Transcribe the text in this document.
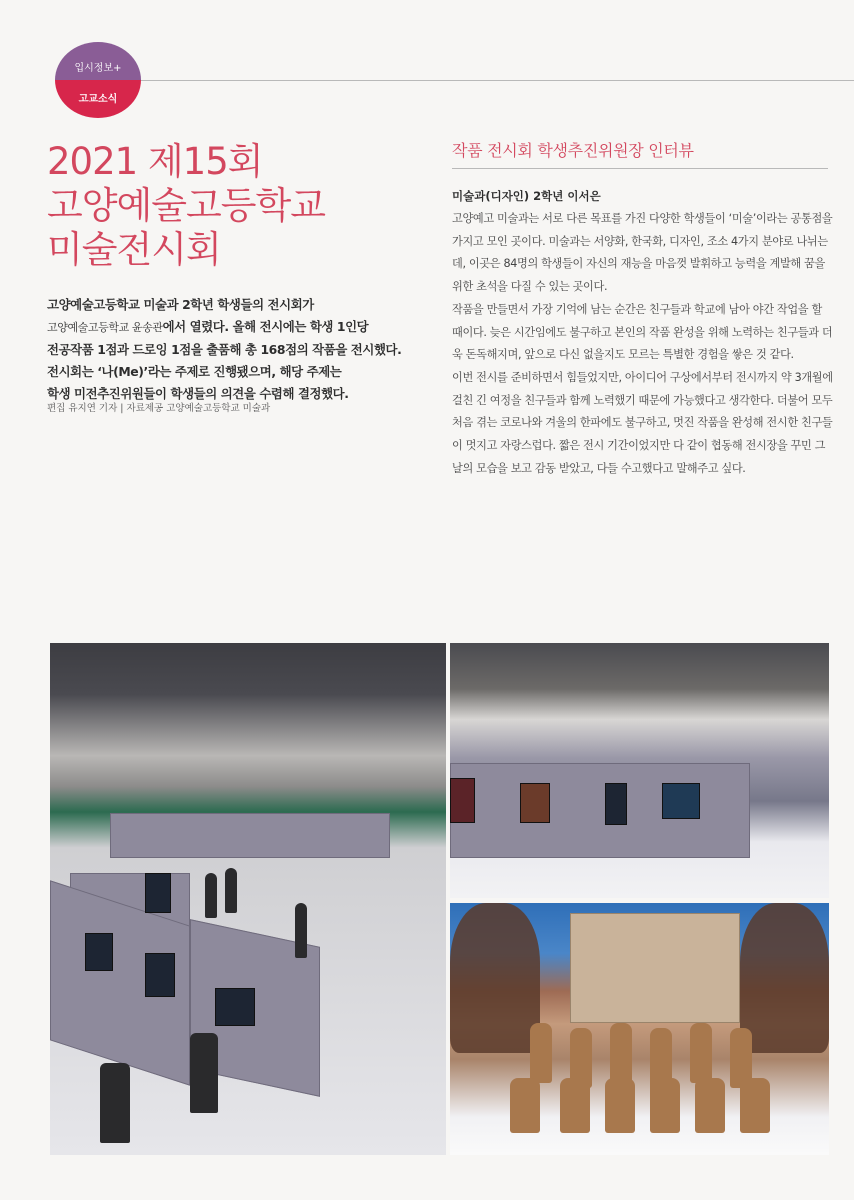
입시정보+
고교소식
2021 제15회
고양예술고등학교
미술전시회
고양예술고등학교 미술과 2학년 학생들의 전시회가
고양예술고등학교 윤송관에서 열렸다. 올해 전시에는 학생 1인당
전공작품 1점과 드로잉 1점을 출품해 총 168점의 작품을 전시했다.
전시회는 ‘나(Me)’라는 주제로 진행됐으며, 해당 주제는
학생 미전추진위원들이 학생들의 의견을 수렴해 결정했다.
편집 유지연 기자 | 자료제공 고양예술고등학교 미술과
작품 전시회 학생추진위원장 인터뷰
미술과(디자인) 2학년 이서은

고양예고 미술과는 서로 다른 목표를 가진 다양한 학생들이 ‘미술’이라는 공통점을 가지고 모인 곳이다. 미술과는 서양화, 한국화, 디자인, 조소 4가지 분야로 나뉘는데, 이곳은 84명의 학생들이 자신의 재능을 마음껏 발휘하고 능력을 계발해 꿈을 위한 초석을 다질 수 있는 곳이다.

작품을 만들면서 가장 기억에 남는 순간은 친구들과 학교에 남아 야간 작업을 할 때이다. 늦은 시간임에도 불구하고 본인의 작품 완성을 위해 노력하는 친구들과 더욱 돈독해지며, 앞으로 다신 없을지도 모르는 특별한 경험을 쌓은 것 같다.

이번 전시를 준비하면서 힘들었지만, 아이디어 구상에서부터 전시까지 약 3개월에 걸친 긴 여정을 친구들과 함께 노력했기 때문에 가능했다고 생각한다. 더불어 모두 처음 겪는 코로나와 겨울의 한파에도 불구하고, 멋진 작품을 완성해 전시한 친구들이 멋지고 자랑스럽다. 짧은 전시 기간이었지만 다 같이 협동해 전시장을 꾸민 그날의 모습을 보고 감동 받았고, 다들 수고했다고 말해주고 싶다.
